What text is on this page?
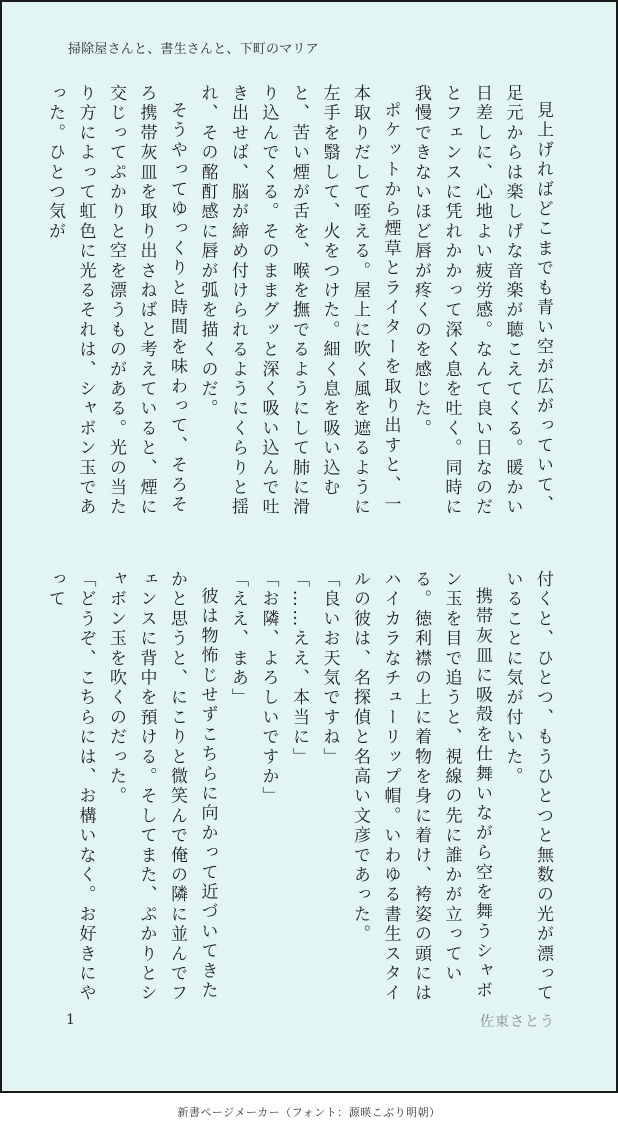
掃除屋さんと、書生さんと、下町のマリア

見上げればどこまでも青い空が広がっていて、足元からは楽しげな音楽が聴こえてくる。暖かい日差しに、心地よい疲労感。なんて良い日なのだとフェンスに凭れかかって深く息を吐く。同時に我慢できないほど唇が疼くのを感じた。

ポケットから煙草とライターを取り出すと、一本取りだして咥える。屋上に吹く風を遮るように左手を翳して、火をつけた。細く息を吸い込むと、苦い煙が舌を、喉を撫でるようにして肺に滑り込んでくる。そのままグッと深く吸い込んで吐き出せば、脳が締め付けられるようにくらりと揺れ、その酩酊感に唇が弧を描くのだ。

そうやってゆっくりと時間を味わって、そろそろ携帯灰皿を取り出さねばと考えていると、煙に交じってぷかりと空を漂うものがある。光の当たり方によって虹色に光るそれは、シャボン玉であった。ひとつ気が

付くと、ひとつ、もうひとつと無数の光が漂っていることに気が付いた。

携帯灰皿に吸殻を仕舞いながら空を舞うシャボン玉を目で追うと、視線の先に誰かが立っている。徳利襟の上に着物を身に着け、袴姿の頭にはハイカラなチューリップ帽。いわゆる書生スタイルの彼は、名探偵と名高い文彦であった。

「良いお天気ですね」

「……ええ、本当に」

「お隣、よろしいですか」

「ええ、まあ」

彼は物怖じせずこちらに向かって近づいてきたかと思うと、にこりと微笑んで俺の隣に並んでフェンスに背中を預ける。そしてまた、ぷかりとシャボン玉を吹くのだった。

「どうぞ、こちらには、お構いなく。お好きにやって

1	佐東さとう
新書ページメーカー（フォント：源暎こぶり明朝）
